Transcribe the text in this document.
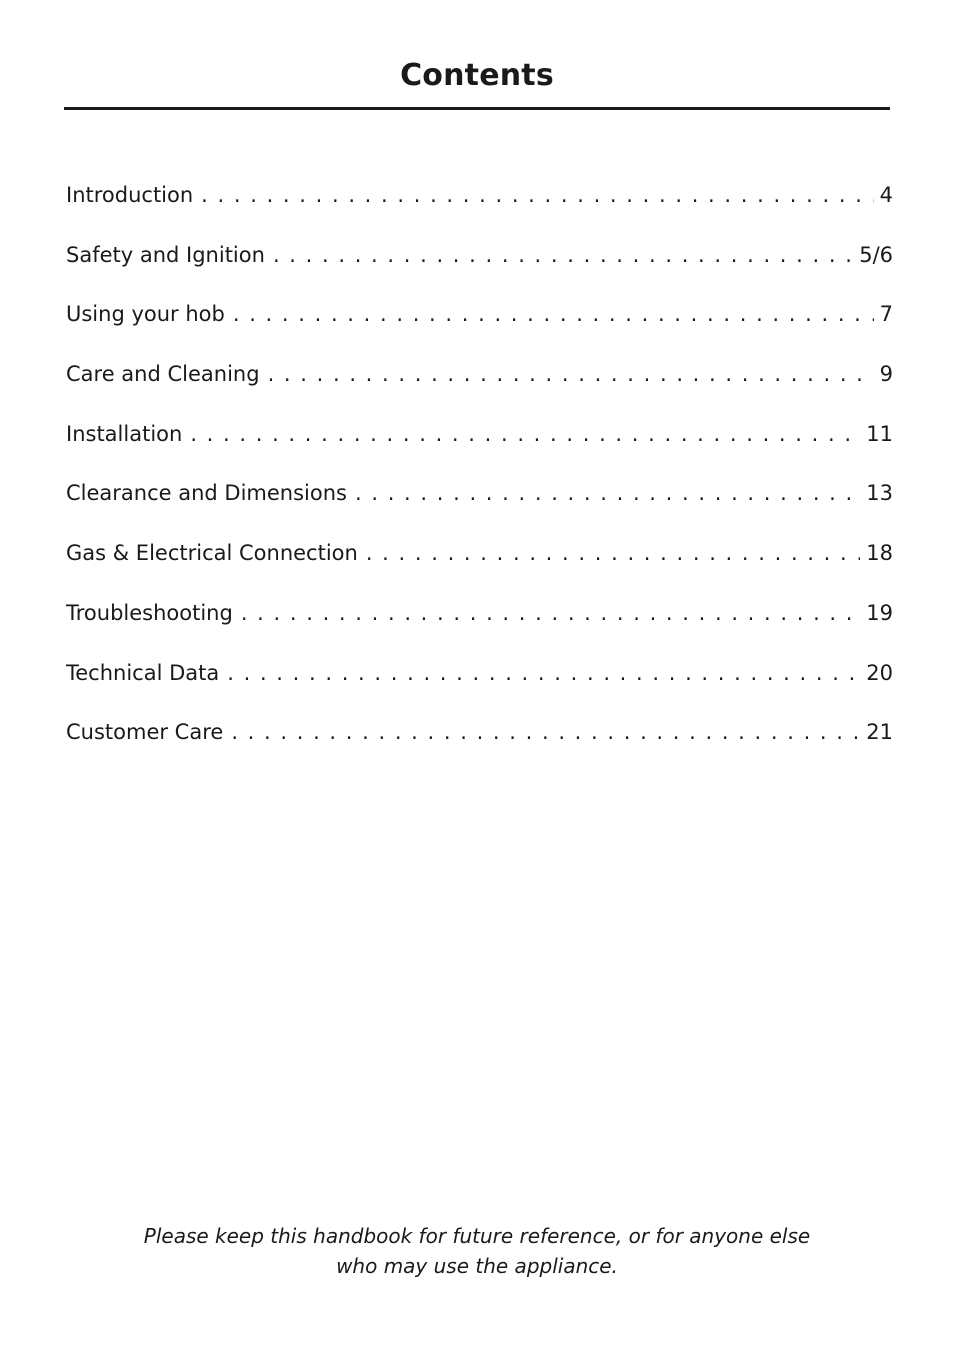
Contents
Introduction . . .	4
Safety and Ignition . . .	5/6
Using your hob . . .	7
Care and Cleaning . . .	9
Installation . . .	11
Clearance and Dimensions . . .	13
Gas & Electrical Connection . . .	18
Troubleshooting . . .	19
Technical Data . . .	20
Customer Care . . .	21
Please keep this handbook for future reference, or for anyone else
who may use the appliance.
